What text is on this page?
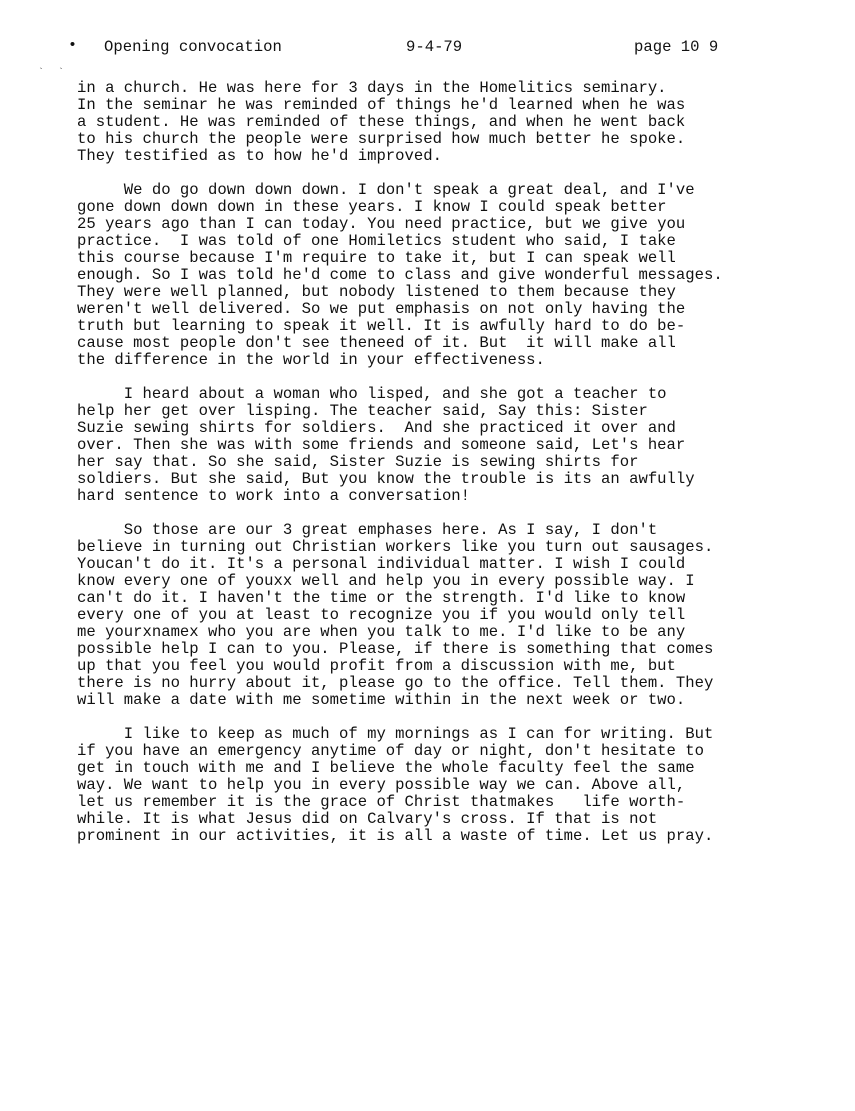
• Opening convocation	9-4-79	page 10 9
` `
in a church. He was here for 3 days in the Homelitics seminary.
In the seminar he was reminded of things he'd learned when he was
a student. He was reminded of these things, and when he went back
to his church the people were surprised how much better he spoke.
They testified as to how he'd improved.
We do go down down down. I don't speak a great deal, and I've
gone down down down in these years. I know I could speak better
25 years ago than I can today. You need practice, but we give you
practice.  I was told of one Homiletics student who said, I take
this course because I'm require to take it, but I can speak well
enough. So I was told he'd come to class and give wonderful messages.
They were well planned, but nobody listened to them because they
weren't well delivered. So we put emphasis on not only having the
truth but learning to speak it well. It is awfully hard to do be-
cause most people don't see theneed of it. But  it will make all
the difference in the world in your effectiveness.
I heard about a woman who lisped, and she got a teacher to
help her get over lisping. The teacher said, Say this: Sister
Suzie sewing shirts for soldiers.  And she practiced it over and
over. Then she was with some friends and someone said, Let's hear
her say that. So she said, Sister Suzie is sewing shirts for
soldiers. But she said, But you know the trouble is its an awfully
hard sentence to work into a conversation!
So those are our 3 great emphases here. As I say, I don't
believe in turning out Christian workers like you turn out sausages.
Youcan't do it. It's a personal individual matter. I wish I could
know every one of youxx well and help you in every possible way. I
can't do it. I haven't the time or the strength. I'd like to know
every one of you at least to recognize you if you would only tell
me yourxnamex who you are when you talk to me. I'd like to be any
possible help I can to you. Please, if there is something that comes
up that you feel you would profit from a discussion with me, but
there is no hurry about it, please go to the office. Tell them. They
will make a date with me sometime within in the next week or two.
I like to keep as much of my mornings as I can for writing. But
if you have an emergency anytime of day or night, don't hesitate to
get in touch with me and I believe the whole faculty feel the same
way. We want to help you in every possible way we can. Above all,
let us remember it is the grace of Christ thatmakes   life worth-
while. It is what Jesus did on Calvary's cross. If that is not
prominent in our activities, it is all a waste of time. Let us pray.
